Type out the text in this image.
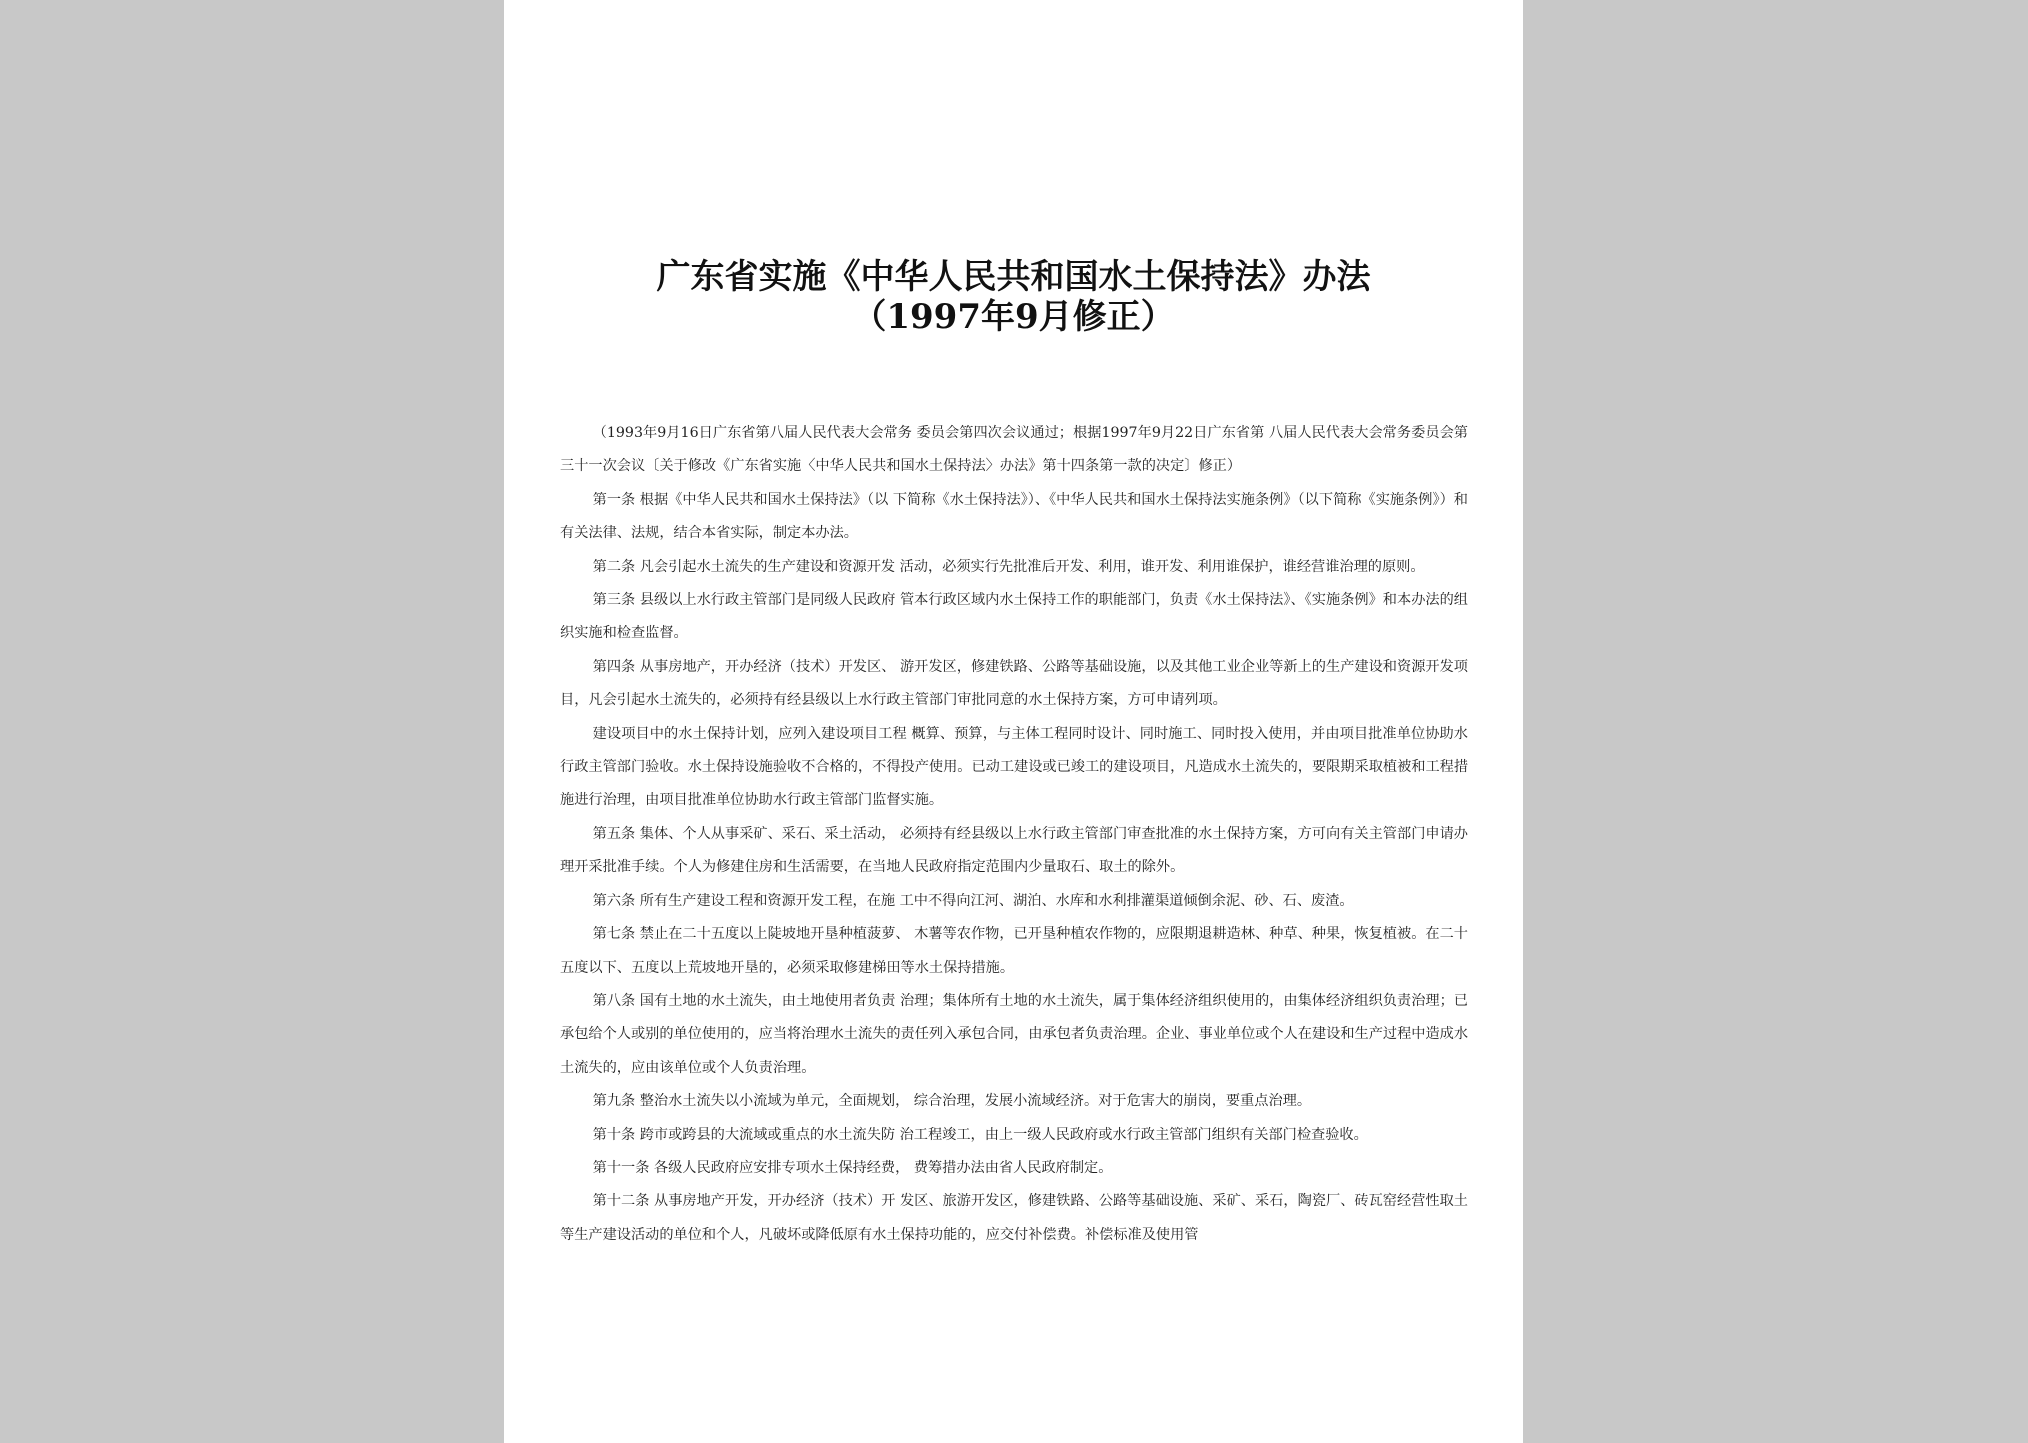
广东省实施《中华人民共和国水土保持法》办法
（1997年9月修正）

（1993年9月16日广东省第八届人民代表大会常务 委员会第四次会议通过；根据1997年9月22日广东省第 八届人民代表大会常务委员会第三十一次会议〔关于修改《广东省实施〈中华人民共和国水土保持法〉办法》第十四条第一款的决定〕修正）

第一条 根据《中华人民共和国水土保持法》（以 下简称《水土保持法》）、《中华人民共和国水土保持法实施条例》（以下简称《实施条例》）和有关法律、法规，结合本省实际，制定本办法。

第二条 凡会引起水土流失的生产建设和资源开发 活动，必须实行先批准后开发、利用，谁开发、利用谁保护，谁经营谁治理的原则。

第三条 县级以上水行政主管部门是同级人民政府 管本行政区域内水土保持工作的职能部门，负责《水土保持法》、《实施条例》和本办法的组织实施和检查监督。

第四条 从事房地产，开办经济（技术）开发区、 游开发区，修建铁路、公路等基础设施，以及其他工业企业等新上的生产建设和资源开发项目，凡会引起水土流失的，必须持有经县级以上水行政主管部门审批同意的水土保持方案，方可申请列项。

建设项目中的水土保持计划，应列入建设项目工程 概算、预算，与主体工程同时设计、同时施工、同时投入使用，并由项目批准单位协助水行政主管部门验收。水土保持设施验收不合格的，不得投产使用。已动工建设或已竣工的建设项目，凡造成水土流失的，要限期采取植被和工程措施进行治理，由项目批准单位协助水行政主管部门监督实施。

第五条 集体、个人从事采矿、采石、采土活动， 必须持有经县级以上水行政主管部门审查批准的水土保持方案，方可向有关主管部门申请办理开采批准手续。个人为修建住房和生活需要，在当地人民政府指定范围内少量取石、取土的除外。

第六条 所有生产建设工程和资源开发工程，在施 工中不得向江河、湖泊、水库和水利排灌渠道倾倒余泥、砂、石、废渣。

第七条 禁止在二十五度以上陡坡地开垦种植菠萝、 木薯等农作物，已开垦种植农作物的，应限期退耕造林、种草、种果，恢复植被。在二十五度以下、五度以上荒坡地开垦的，必须采取修建梯田等水土保持措施。

第八条 国有土地的水土流失，由土地使用者负责 治理；集体所有土地的水土流失，属于集体经济组织使用的，由集体经济组织负责治理；已承包给个人或别的单位使用的，应当将治理水土流失的责任列入承包合同，由承包者负责治理。企业、事业单位或个人在建设和生产过程中造成水 土流失的，应由该单位或个人负责治理。

第九条 整治水土流失以小流域为单元，全面规划， 综合治理，发展小流域经济。对于危害大的崩岗，要重点治理。

第十条 跨市或跨县的大流域或重点的水土流失防 治工程竣工，由上一级人民政府或水行政主管部门组织有关部门检查验收。

第十一条 各级人民政府应安排专项水土保持经费， 费筹措办法由省人民政府制定。

第十二条 从事房地产开发，开办经济（技术）开 发区、旅游开发区，修建铁路、公路等基础设施、采矿、采石，陶瓷厂、砖瓦窑经营性取土等生产建设活动的单位和个人，凡破坏或降低原有水土保持功能的，应交付补偿费。补偿标准及使用管
